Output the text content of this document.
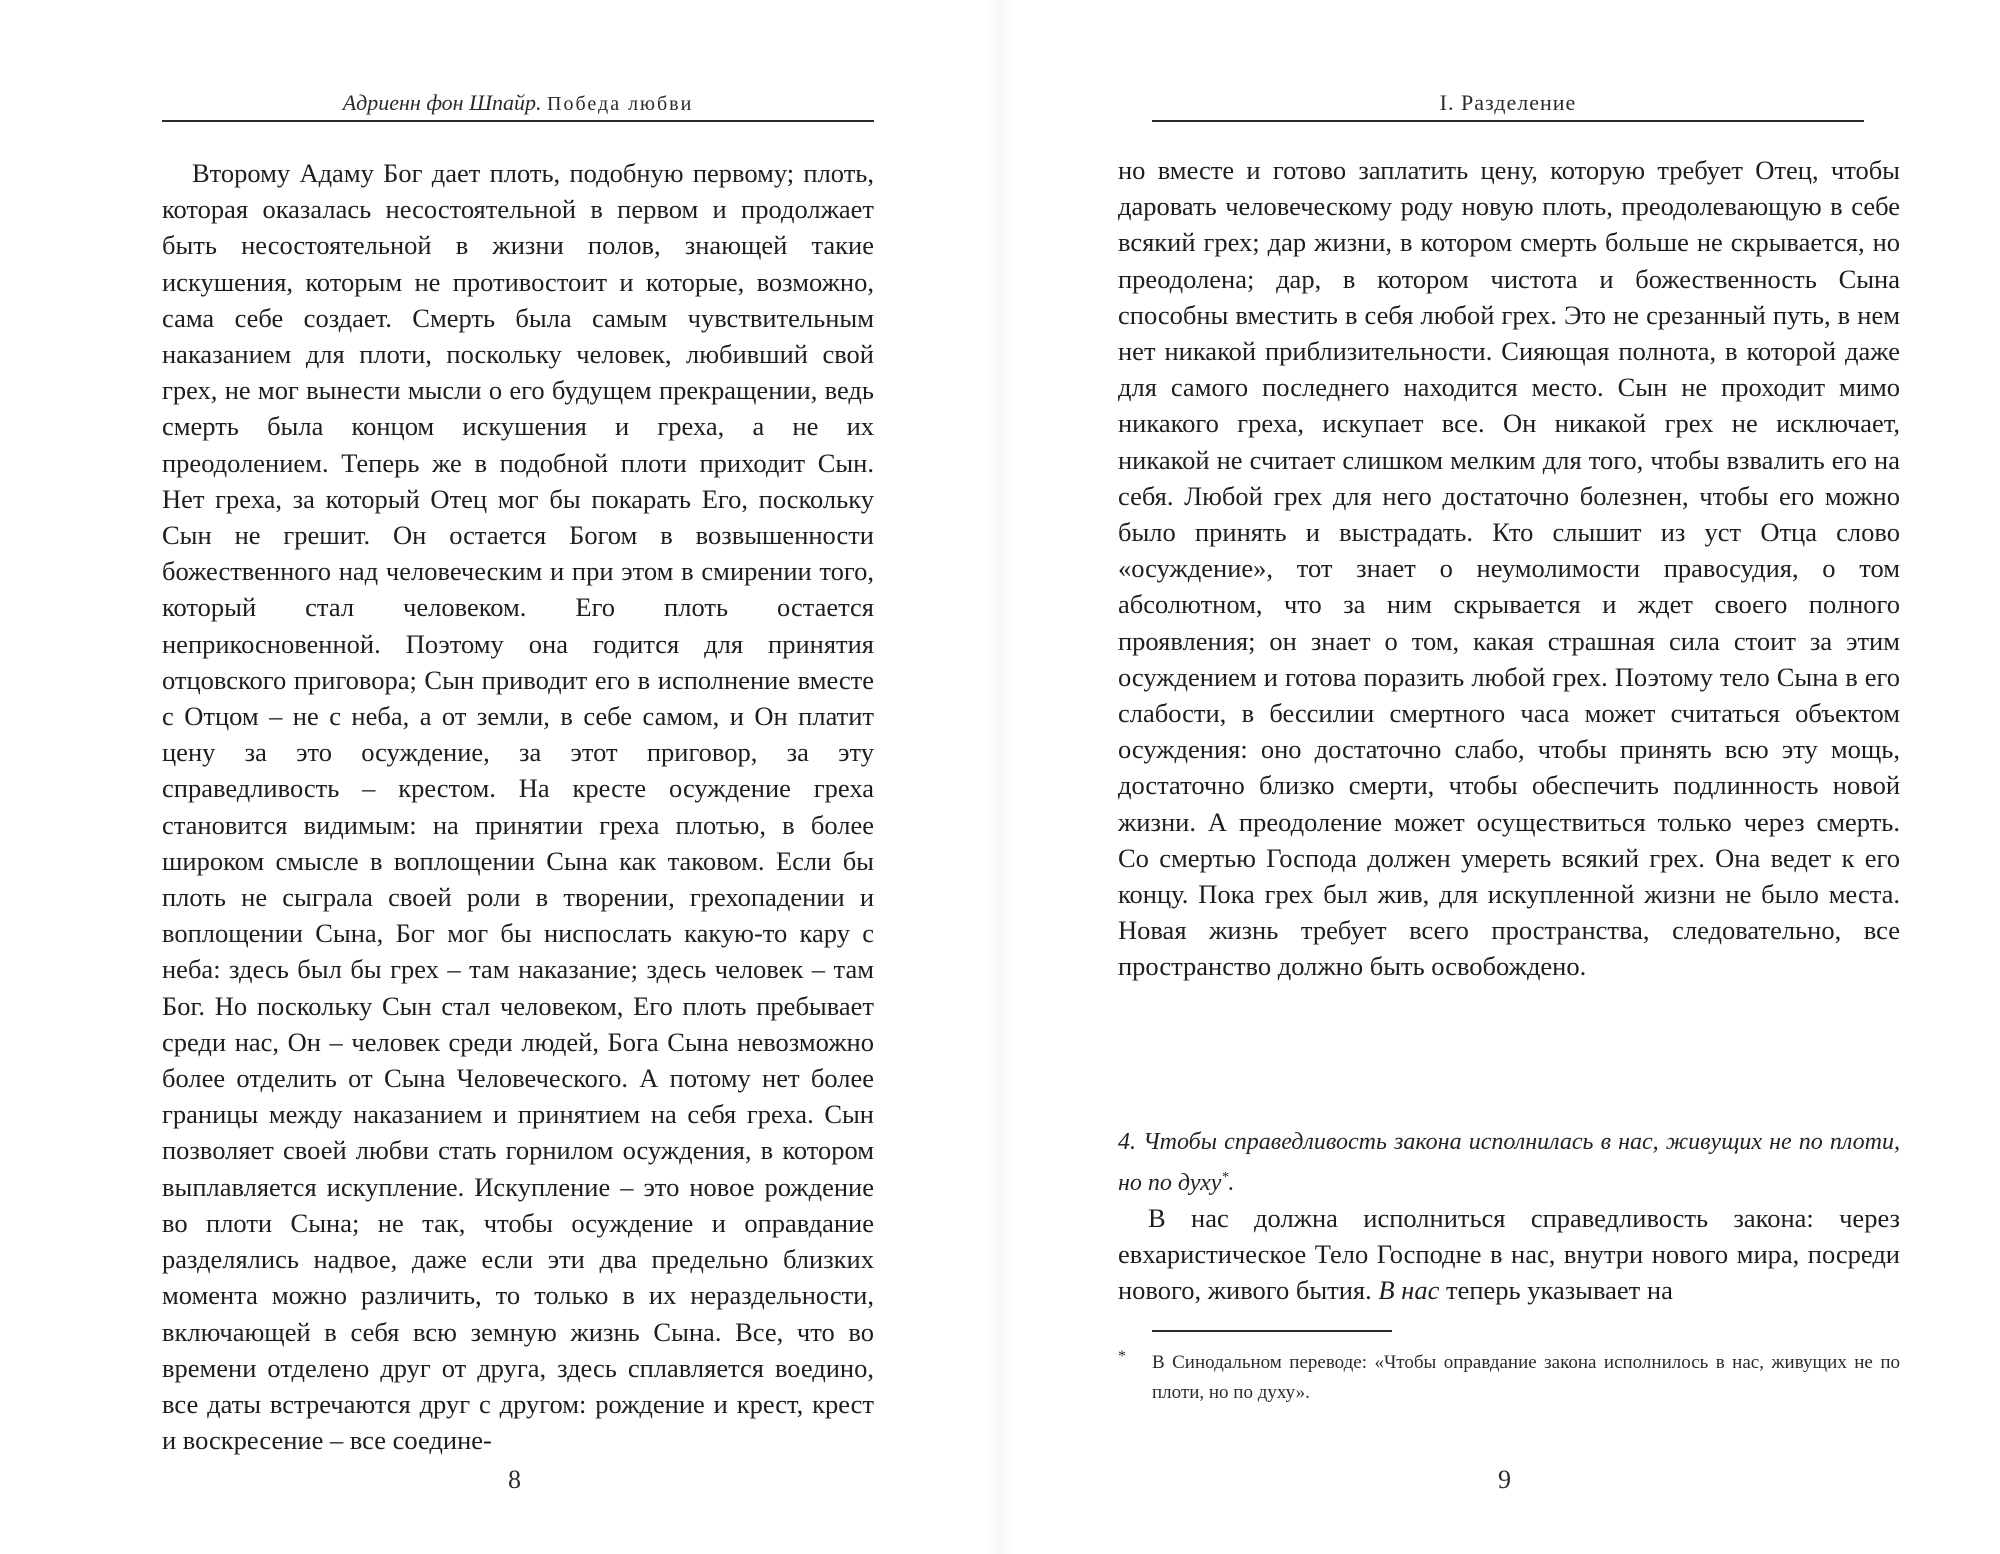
Адриенн фон Шпайр. Победа любви

Второму Адаму Бог дает плоть, подобную первому; плоть, которая оказалась несостоятельной в первом и продолжает быть несостоятельной в жизни полов, знающей такие искушения, которым не противостоит и которые, возможно, сама себе создает. Смерть была самым чувствительным наказанием для плоти, поскольку человек, любивший свой грех, не мог вынести мысли о его будущем прекращении, ведь смерть была концом искушения и греха, а не их преодолением. Теперь же в подобной плоти приходит Сын. Нет греха, за который Отец мог бы покарать Его, поскольку Сын не грешит. Он остается Богом в возвышенности божественного над человеческим и при этом в смирении того, который стал человеком. Его плоть остается неприкосновенной. Поэтому она годится для принятия отцовского приговора; Сын приводит его в исполнение вместе с Отцом – не с неба, а от земли, в себе самом, и Он платит цену за это осуждение, за этот приговор, за эту справедливость – крестом. На кресте осуждение греха становится видимым: на принятии греха плотью, в более широком смысле в воплощении Сына как таковом. Если бы плоть не сыграла своей роли в творении, грехопадении и воплощении Сына, Бог мог бы ниспослать какую-то кару с неба: здесь был бы грех – там наказание; здесь человек – там Бог. Но поскольку Сын стал человеком, Его плоть пребывает среди нас, Он – человек среди людей, Бога Сына невозможно более отделить от Сына Человеческого. А потому нет более границы между наказанием и принятием на себя греха. Сын позволяет своей любви стать горнилом осуждения, в котором выплавляется искупление. Искупление – это новое рождение во плоти Сына; не так, чтобы осуждение и оправдание разделялись надвое, даже если эти два предельно близких момента можно различить, то только в их нераздельности, включающей в себя всю земную жизнь Сына. Все, что во времени отделено друг от друга, здесь сплавляется воедино, все даты встречаются друг с другом: рождение и крест, крест и воскресение – все соедине-

8
I. Разделение

но вместе и готово заплатить цену, которую требует Отец, чтобы даровать человеческому роду новую плоть, преодолевающую в себе всякий грех; дар жизни, в котором смерть больше не скрывается, но преодолена; дар, в котором чистота и божественность Сына способны вместить в себя любой грех. Это не срезанный путь, в нем нет никакой приблизительности. Сияющая полнота, в которой даже для самого последнего находится место. Сын не проходит мимо никакого греха, искупает все. Он никакой грех не исключает, никакой не считает слишком мелким для того, чтобы взвалить его на себя. Любой грех для него достаточно болезнен, чтобы его можно было принять и выстрадать. Кто слышит из уст Отца слово «осуждение», тот знает о неумолимости правосудия, о том абсолютном, что за ним скрывается и ждет своего полного проявления; он знает о том, какая страшная сила стоит за этим осуждением и готова поразить любой грех. Поэтому тело Сына в его слабости, в бессилии смертного часа может считаться объектом осуждения: оно достаточно слабо, чтобы принять всю эту мощь, достаточно близко смерти, чтобы обеспечить подлинность новой жизни. А преодоление может осуществиться только через смерть. Со смертью Господа должен умереть всякий грех. Она ведет к его концу. Пока грех был жив, для искупленной жизни не было места. Новая жизнь требует всего пространства, следовательно, все пространство должно быть освобождено.

4. Чтобы справедливость закона исполнилась в нас, живущих не по плоти, но по духу*.

В нас должна исполниться справедливость закона: через евхаристическое Тело Господне в нас, внутри нового мира, посреди нового, живого бытия. В нас теперь указывает на

* В Синодальном переводе: «Чтобы оправдание закона исполнилось в нас, живущих не по плоти, но по духу».
9
